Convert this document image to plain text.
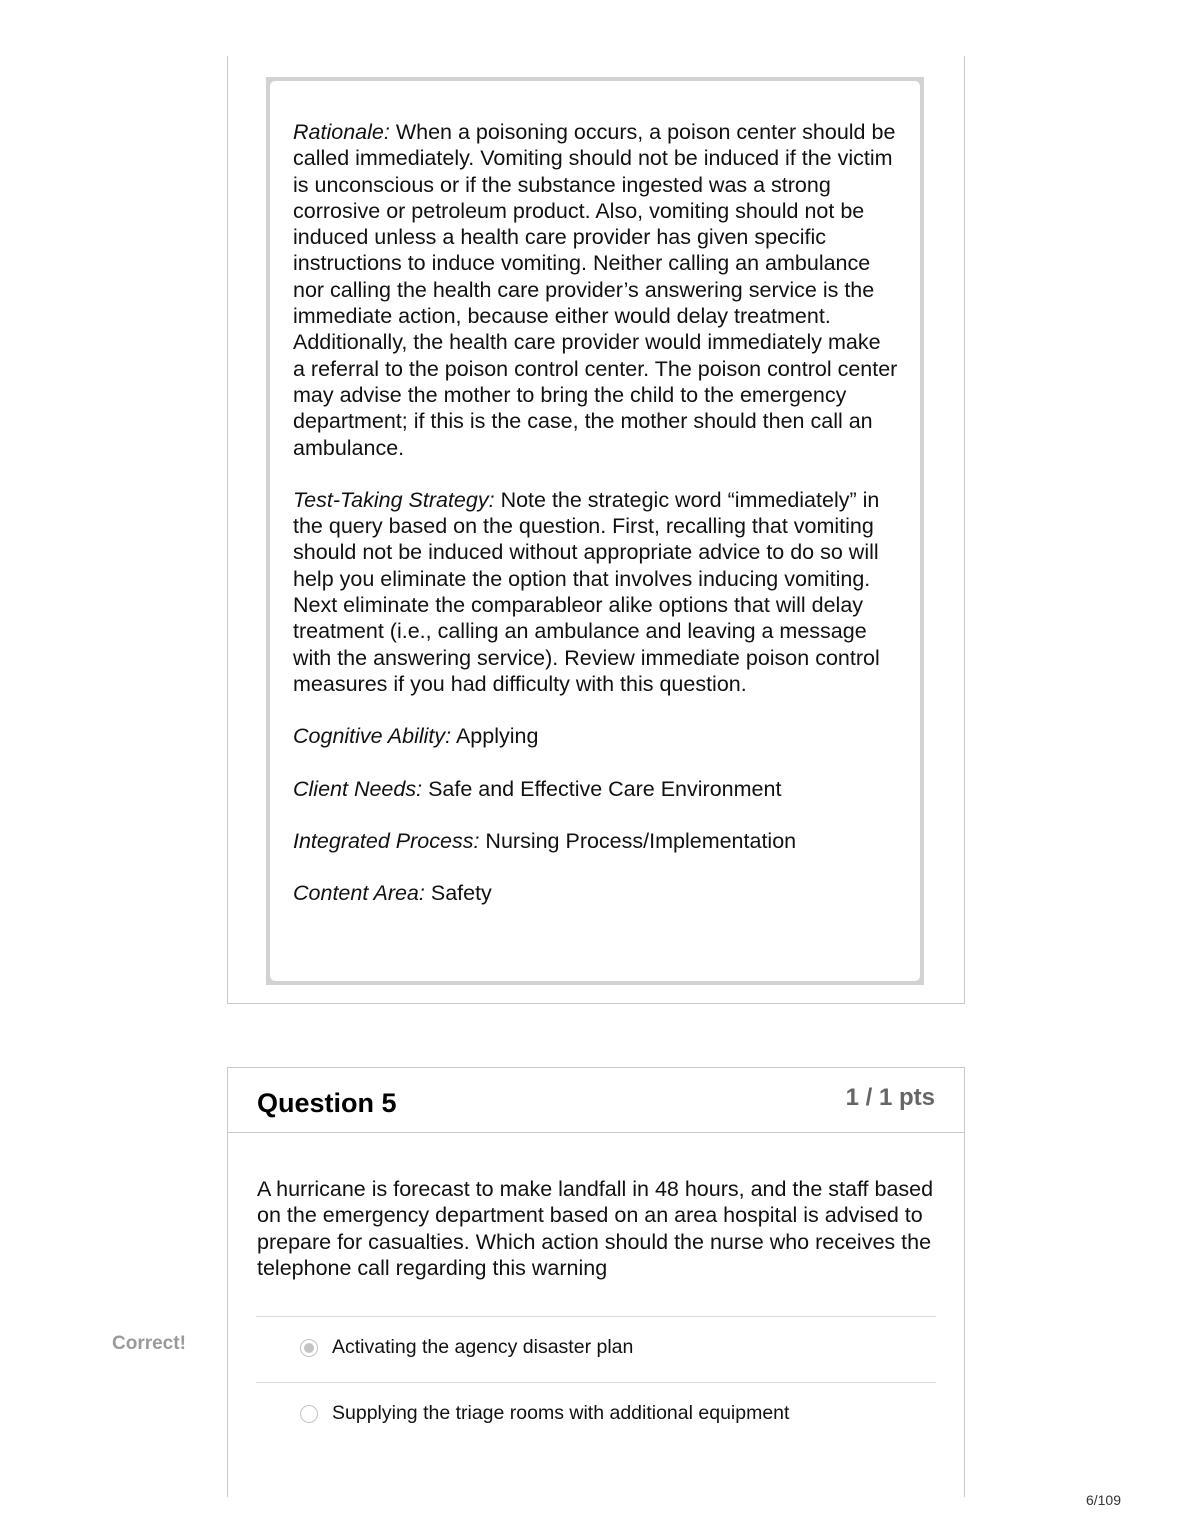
Rationale: When a poisoning occurs, a poison center should be called immediately. Vomiting should not be induced if the victim is unconscious or if the substance ingested was a strong corrosive or petroleum product. Also, vomiting should not be induced unless a health care provider has given specific instructions to induce vomiting. Neither calling an ambulance nor calling the health care provider’s answering service is the immediate action, because either would delay treatment. Additionally, the health care provider would immediately make a referral to the poison control center. The poison control center may advise the mother to bring the child to the emergency department; if this is the case, the mother should then call an ambulance.

Test-Taking Strategy: Note the strategic word “immediately” in the query based on the question. First, recalling that vomiting should not be induced without appropriate advice to do so will help you eliminate the option that involves inducing vomiting. Next eliminate the comparableor alike options that will delay treatment (i.e., calling an ambulance and leaving a message with the answering service). Review immediate poison control measures if you had difficulty with this question.

Cognitive Ability: Applying

Client Needs: Safe and Effective Care Environment

Integrated Process: Nursing Process/Implementation

Content Area: Safety

Question 5	1 / 1 pts
A hurricane is forecast to make landfall in 48 hours, and the staff based on the emergency department based on an area hospital is advised to prepare for casualties. Which action should the nurse who receives the telephone call regarding this warning
Activating the agency disaster plan
Supplying the triage rooms with additional equipment
Correct!
6/109
